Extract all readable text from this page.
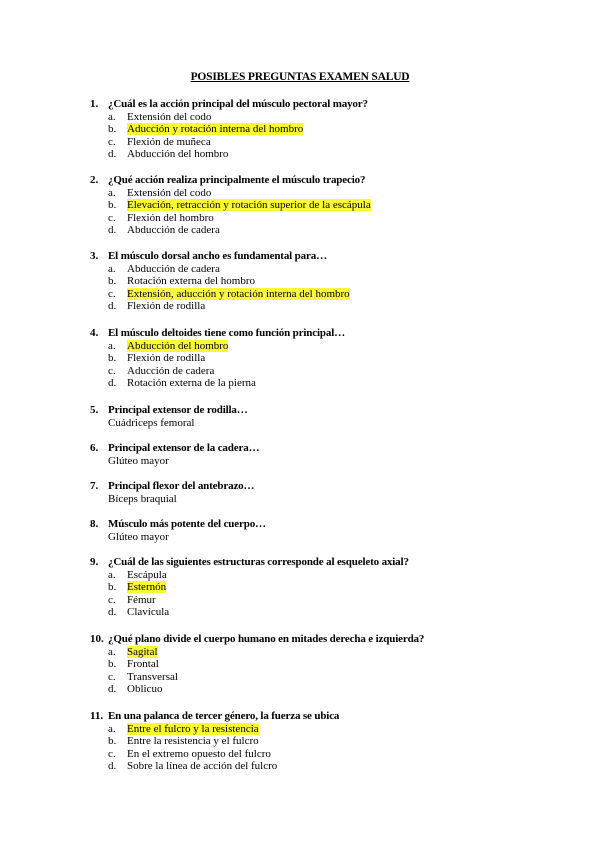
POSIBLES PREGUNTAS EXAMEN SALUD
1. ¿Cuál es la acción principal del músculo pectoral mayor?
a.	Extensión del codo
b. Aducción y rotación interna del hombro
c.	Flexión de muñeca
d. Abducción del hombro
2. ¿Qué acción realiza principalmente el músculo trapecio?
a.	Extensión del codo
b. Elevación, retracción y rotación superior de la escápula
c.	Flexión del hombro
d. Abducción de cadera
3. El músculo dorsal ancho es fundamental para…
a.	Abducción de cadera
b. Rotación externa del hombro
c.	Extensión, aducción y rotación interna del hombro
d. Flexión de rodilla
4. El músculo deltoides tiene como función principal…
a.	Abducción del hombro
b. Flexión de rodilla
c.	Aducción de cadera
d. Rotación externa de la pierna
5. Principal extensor de rodilla…
Cuádriceps femoral
6. Principal extensor de la cadera…
Glúteo mayor
7. Principal flexor del antebrazo…
Bíceps braquial
8. Músculo más potente del cuerpo…
Glúteo mayor
9. ¿Cuál de las siguientes estructuras corresponde al esqueleto axial?
a.	Escápula
b. Esternón
c.	Fémur
d. Clavícula
10. ¿Qué plano divide el cuerpo humano en mitades derecha e izquierda?
a.	Sagital
b. Frontal
c.	Transversal
d. Oblicuo
11. En una palanca de tercer género, la fuerza se ubica
a.	Entre el fulcro y la resistencia
b. Entre la resistencia y el fulcro
c.	En el extremo opuesto del fulcro
d. Sobre la línea de acción del fulcro
